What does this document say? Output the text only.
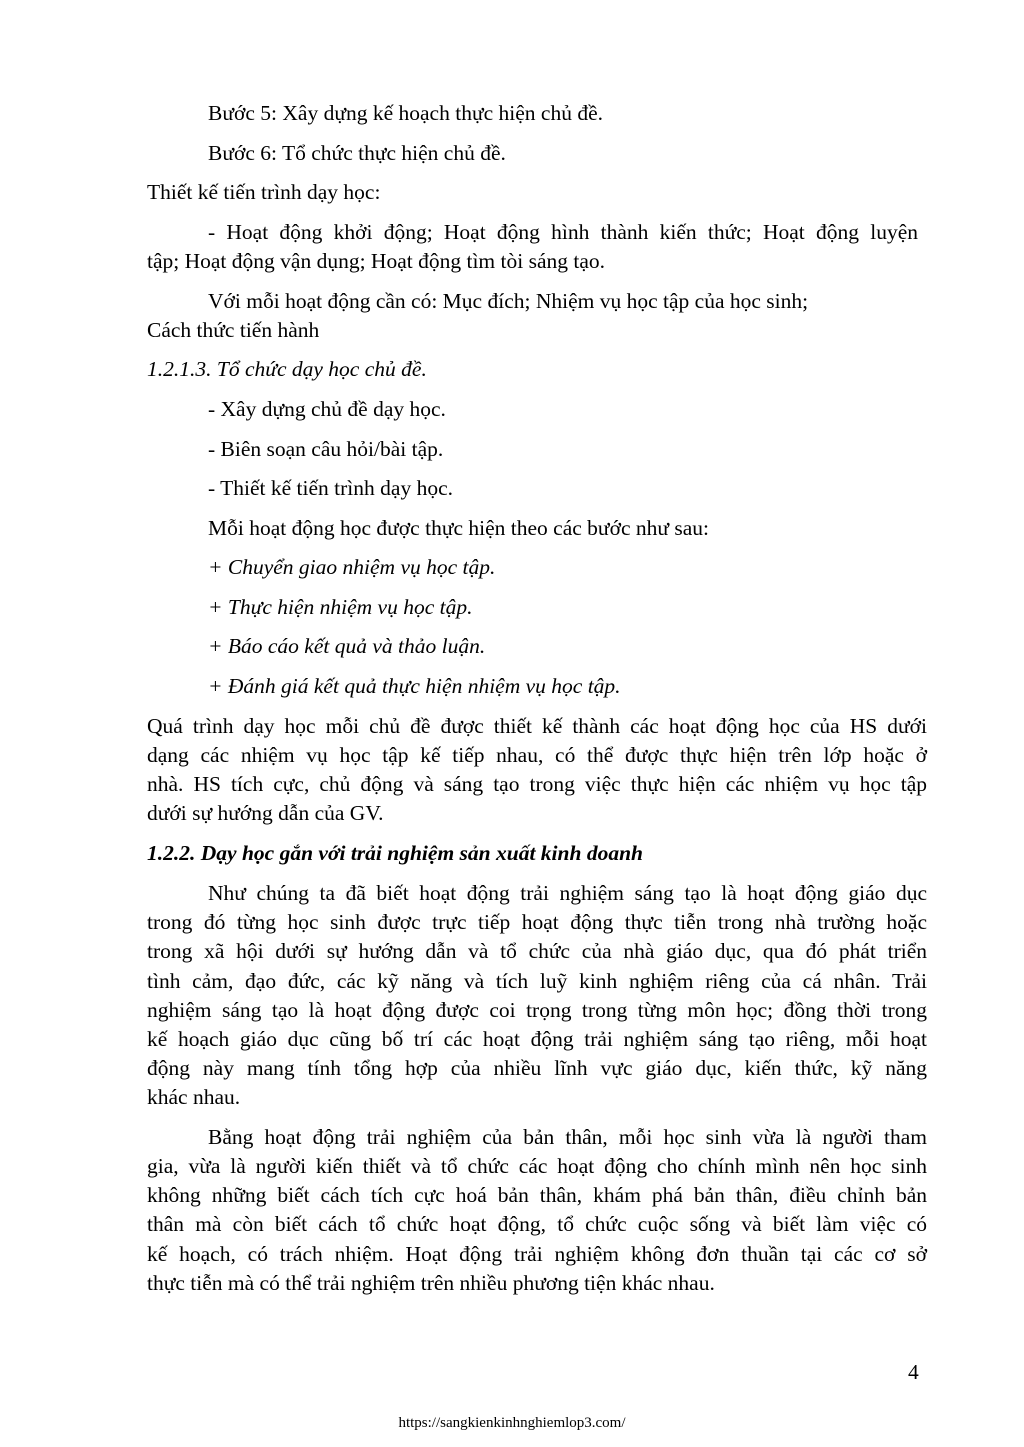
Bước 5: Xây dựng kế hoạch thực hiện chủ đề.

Bước 6: Tổ chức thực hiện chủ đề.

Thiết kế tiến trình dạy học:

- Hoạt động khởi động; Hoạt động hình thành kiến thức; Hoạt động luyện

tập; Hoạt động vận dụng; Hoạt động tìm tòi sáng tạo.

Với mỗi hoạt động cần có: Mục đích; Nhiệm vụ học tập của học sinh;

Cách thức tiến hành

1.2.1.3. Tổ chức dạy học chủ đề.

- Xây dựng chủ đề dạy học.

- Biên soạn câu hỏi/bài tập.

- Thiết kế tiến trình dạy học.

Mỗi hoạt động học được thực hiện theo các bước như sau:

+ Chuyển giao nhiệm vụ học tập.

+ Thực hiện nhiệm vụ học tập.

+ Báo cáo kết quả và thảo luận.

+ Đánh giá kết quả thực hiện nhiệm vụ học tập.

Quá trình dạy học mỗi chủ đề được thiết kế thành các hoạt động học của HS dưới

dạng các nhiệm vụ học tập kế tiếp nhau, có thể được thực hiện trên lớp hoặc ở

nhà. HS tích cực, chủ động và sáng tạo trong việc thực hiện các nhiệm vụ học tập

dưới sự hướng dẫn của GV.

1.2.2. Dạy học gắn với trải nghiệm sản xuất kinh doanh

Như chúng ta đã biết hoạt động trải nghiệm sáng tạo là hoạt động giáo dục

trong đó từng học sinh được trực tiếp hoạt động thực tiễn trong nhà trường hoặc

trong xã hội dưới sự hướng dẫn và tổ chức của nhà giáo dục, qua đó phát triển

tình cảm, đạo đức, các kỹ năng và tích luỹ kinh nghiệm riêng của cá nhân. Trải

nghiệm sáng tạo là hoạt động được coi trọng trong từng môn học; đồng thời trong

kế hoạch giáo dục cũng bố trí các hoạt động trải nghiệm sáng tạo riêng, mỗi hoạt

động này mang tính tổng hợp của nhiều lĩnh vực giáo dục, kiến thức, kỹ năng

khác nhau.

Bằng hoạt động trải nghiệm của bản thân, mỗi học sinh vừa là người tham

gia, vừa là người kiến thiết và tổ chức các hoạt động cho chính mình nên học sinh

không những biết cách tích cực hoá bản thân, khám phá bản thân, điều chỉnh bản

thân mà còn biết cách tổ chức hoạt động, tổ chức cuộc sống và biết làm việc có

kế hoạch, có trách nhiệm. Hoạt động trải nghiệm không đơn thuần tại các cơ sở

thực tiễn mà có thể trải nghiệm trên nhiều phương tiện khác nhau.

4
https://sangkienkinhnghiemlop3.com/
